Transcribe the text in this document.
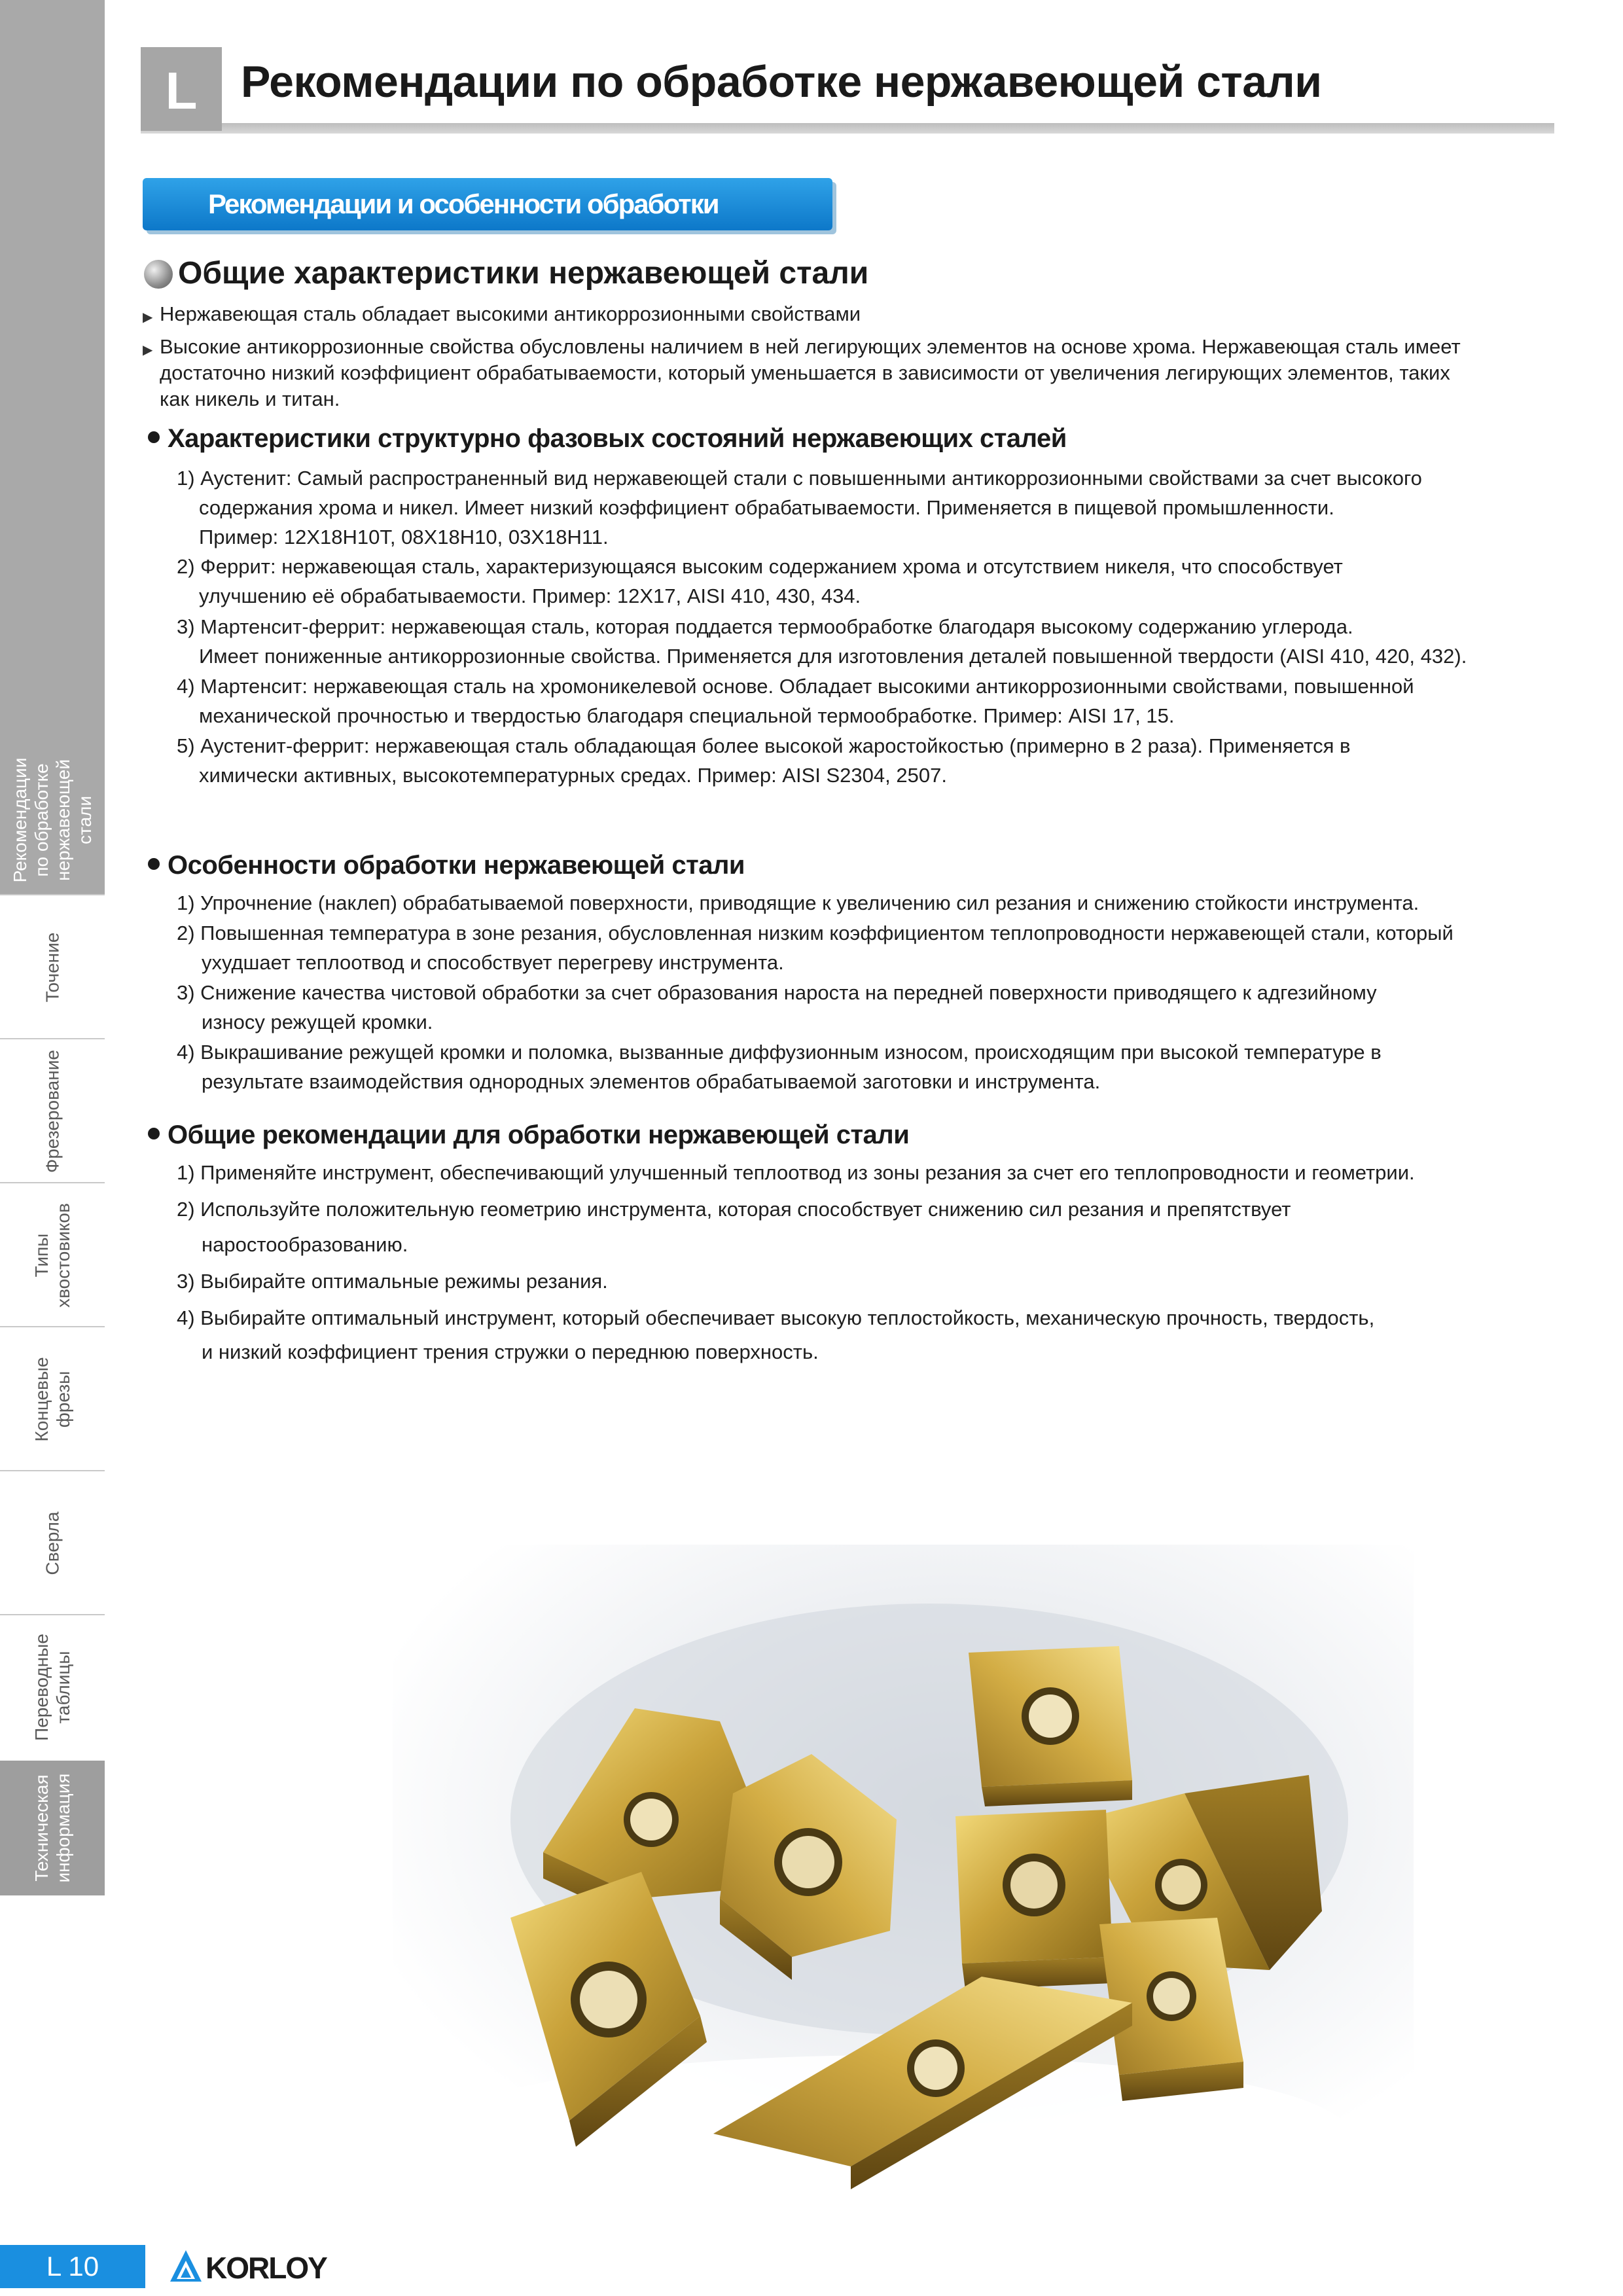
Рекомендации
по обработке
нержавеющей
стали
Точение
Фрезерование
Типы
хвостовиков
Концевые
фрезы
Сверла
Переводные
таблицы
Техническая
информация
L Рекомендации по обработке нержавеющей стали
Рекомендации и особенности обработки
Общие характеристики нержавеющей стали
▶ Нержавеющая сталь обладает высокими антикоррозионными свойствами
▶ Высокие антикоррозионные свойства обусловлены наличием в ней легирующих элементов на основе хрома. Нержавеющая сталь имеет
достаточно низкий коэффициент обрабатываемости, который уменьшается в зависимости от увеличения легирующих элементов, таких
как никель и титан.
Характеристики структурно фазовых состояний нержавеющих сталей
1) Аустенит: Самый распространенный вид нержавеющей стали с повышенными антикоррозионными свойствами за счет высокого
содержания хрома и никел. Имеет низкий коэффициент обрабатываемости. Применяется в пищевой промышленности.
Пример: 12Х18Н10Т, 08Х18Н10, 03Х18Н11.
2) Феррит: нержавеющая сталь, характеризующаяся высоким содержанием хрома и отсутствием никеля, что способствует
улучшению её обрабатываемости. Пример: 12Х17, AISI 410, 430, 434.
3) Мартенсит-феррит: нержавеющая сталь, которая поддается термообработке благодаря высокому содержанию углерода.
Имеет пониженные антикоррозионные свойства. Применяется для изготовления деталей повышенной твердости (AISI 410, 420, 432).
4) Мартенсит: нержавеющая сталь на хромоникелевой основе. Обладает высокими антикоррозионными свойствами, повышенной
механической прочностью и твердостью благодаря специальной термообработке. Пример: AISI 17, 15.
5) Аустенит-феррит: нержавеющая сталь обладающая более высокой жаростойкостью (примерно в 2 раза). Применяется в
химически активных, высокотемпературных средах. Пример: AISI S2304, 2507.
Особенности обработки нержавеющей стали
1) Упрочнение (наклеп) обрабатываемой поверхности, приводящие к увеличению сил резания и снижению стойкости инструмента.
2) Повышенная температура в зоне резания, обусловленная низким коэффициентом теплопроводности нержавеющей стали, который
ухудшает теплоотвод и способствует перегреву инструмента.
3) Снижение качества чистовой обработки за счет образования нароста на передней поверхности приводящего к адгезийному
износу режущей кромки.
4) Выкрашивание режущей кромки и поломка, вызванные диффузионным износом, происходящим при высокой температуре в
результате взаимодействия однородных элементов обрабатываемой заготовки и инструмента.
Общие рекомендации для обработки нержавеющей стали
1) Применяйте инструмент, обеспечивающий улучшенный теплоотвод из зоны резания за счет его теплопроводности и геометрии.
2) Используйте положительную геометрию инструмента, которая способствует снижению сил резания и препятствует
наростообразованию.
3) Выбирайте оптимальные режимы резания.
4) Выбирайте оптимальный инструмент, который обеспечивает высокую теплостойкость, механическую прочность, твердость,
и низкий коэффициент трения стружки о переднюю поверхность.
L 10	KORLOY
